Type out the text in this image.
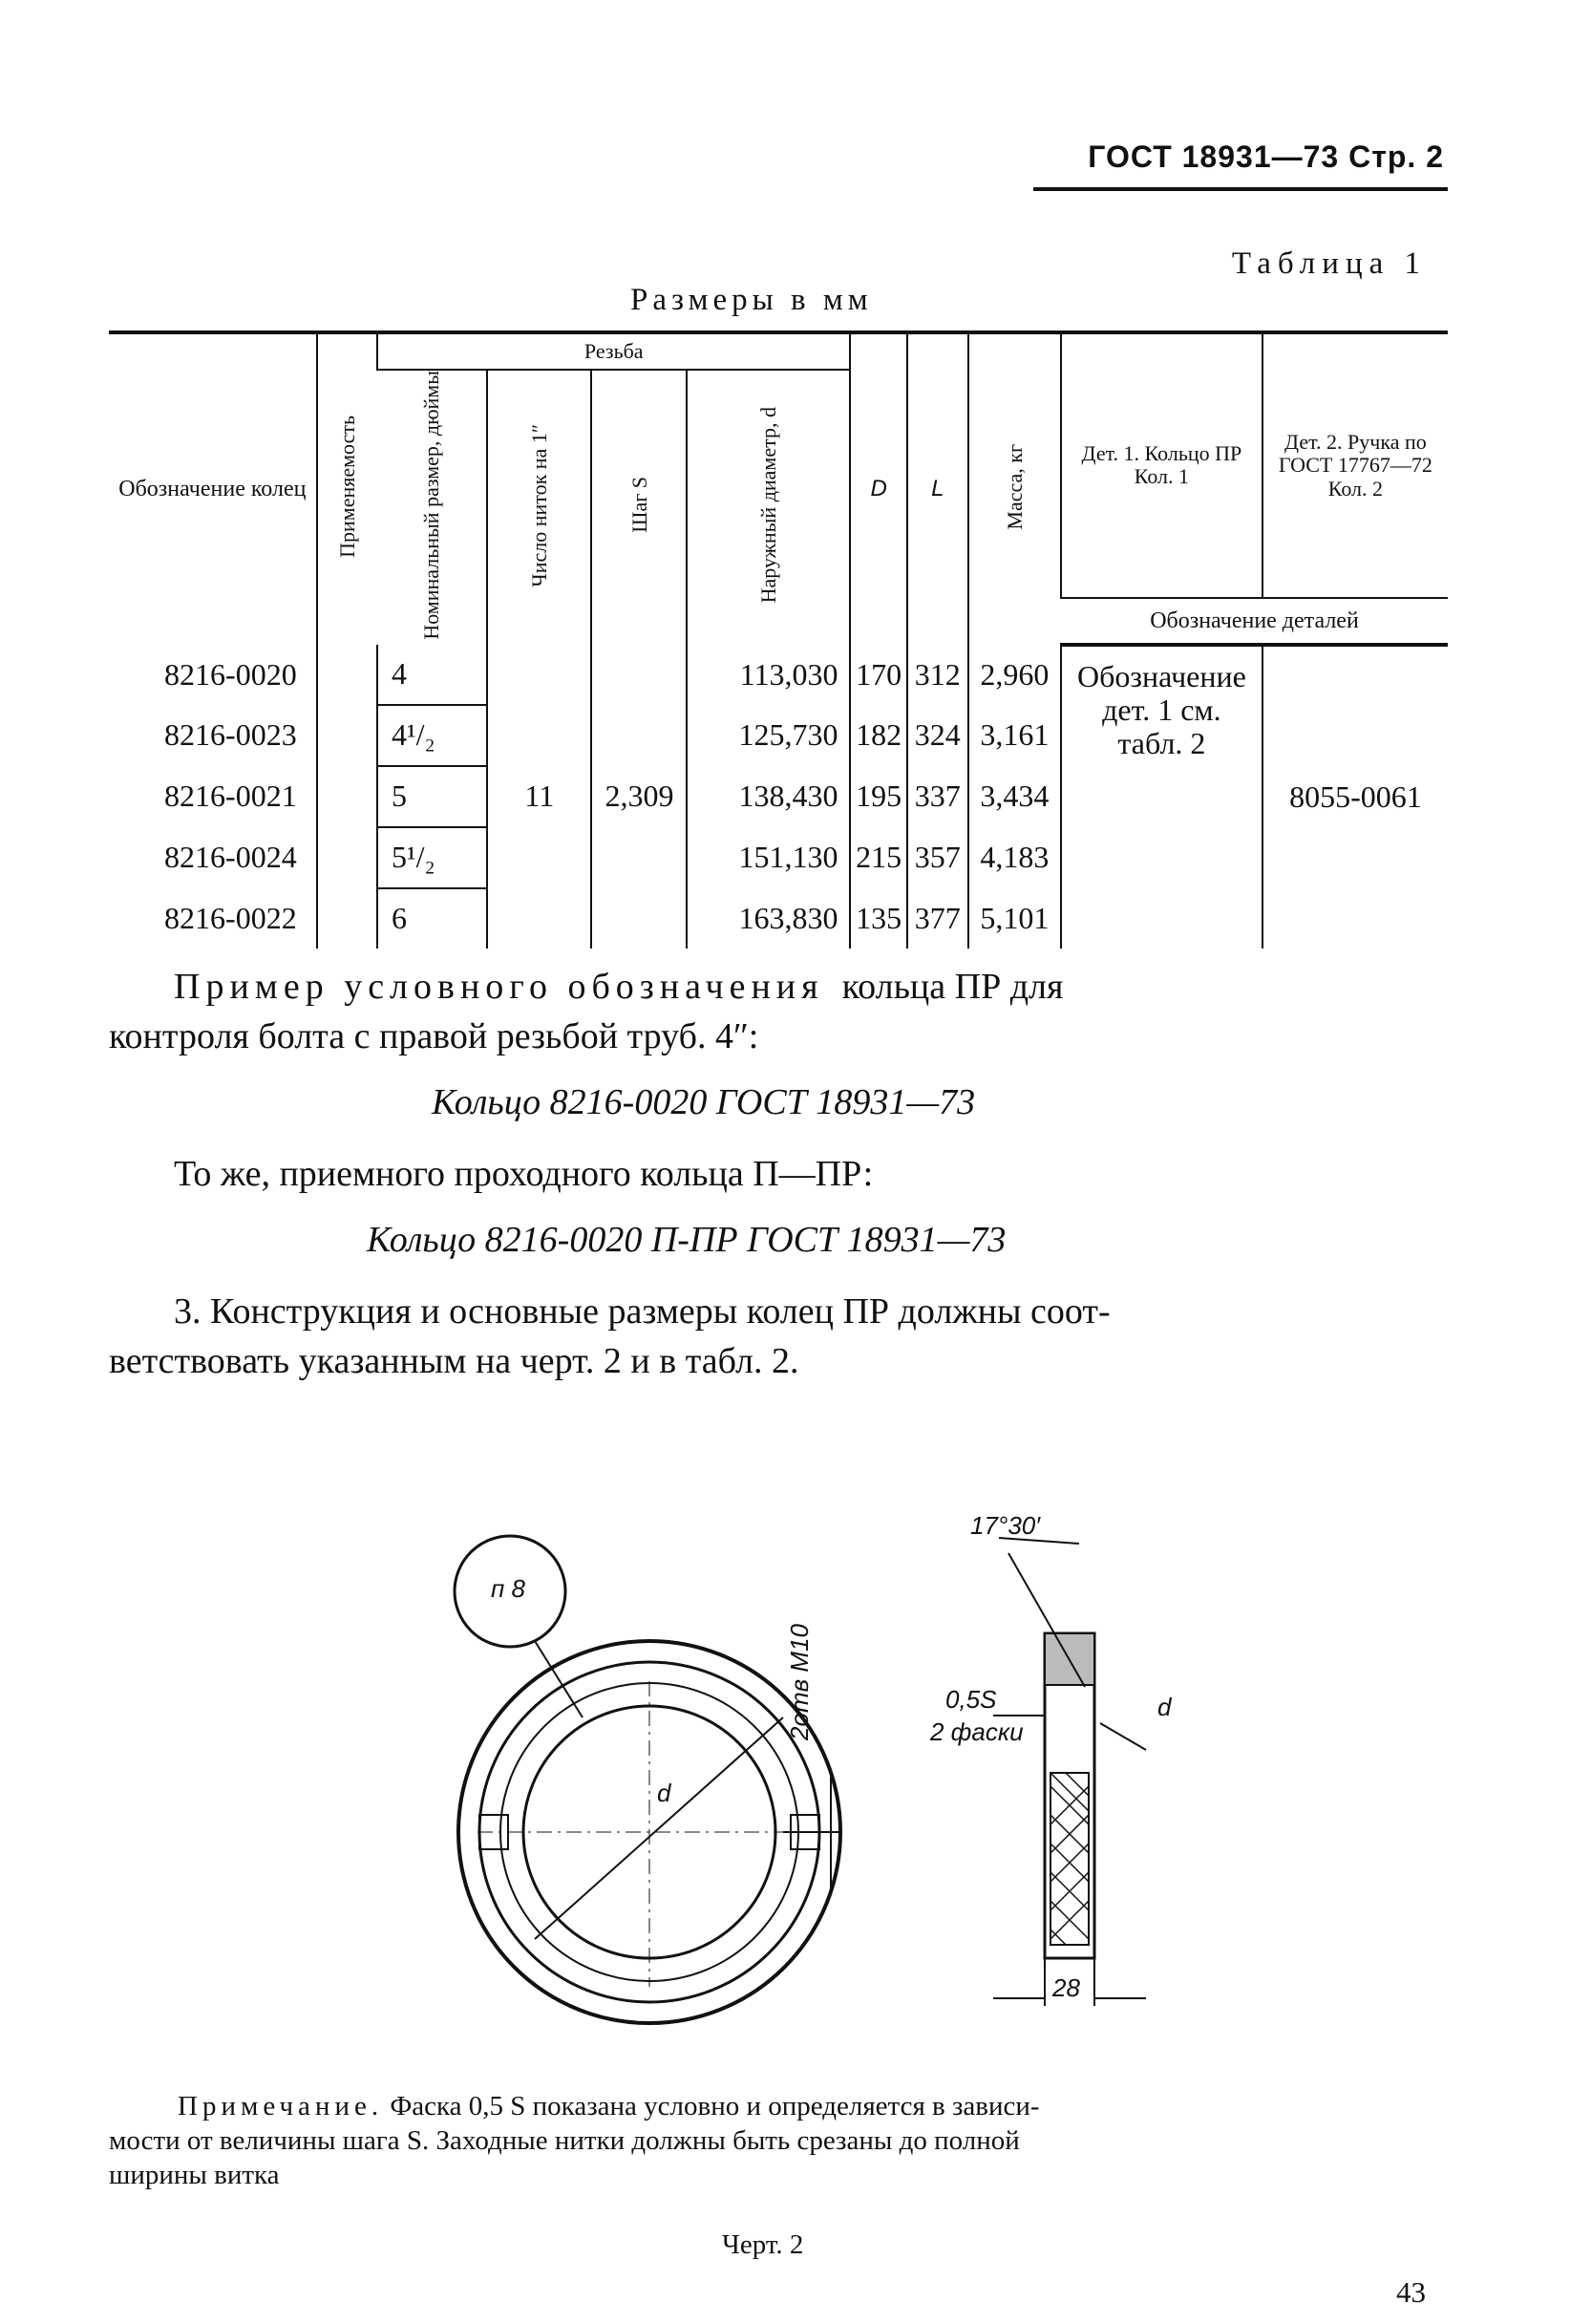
ГОСТ 18931—73 Стр. 2
Таблица 1
Размеры в мм
Обозначение колец	Применяемость	Резьба				D	L	Масса, кг	Дет. 1. Кольцо ПР Кол. 1	Дет. 2. Ручка по ГОСТ 17767—72 Кол. 2
		Номинальный размер, дюймы	Число ниток на 1″	Шаг S	Наружный диаметр, d					
									Обозначение деталей	
8216-0020		4	11	2,309	113,030	170	312	2,960	Обозначение дет. 1 см. табл. 2	8055-0061
8216-0023		4¹/₂			125,730	182	324	3,161		
8216-0021		5			138,430	195	337	3,434		
8216-0024		5¹/₂			151,130	215	357	4,183		
8216-0022		6			163,830	135	377	5,101		
Пример условного обозначения кольца ПР для
контроля болта с правой резьбой труб. 4″:
Кольцо 8216-0020 ГОСТ 18931—73
То же, приемного проходного кольца П—ПР:
Кольцо 8216-0020 П-ПР ГОСТ 18931—73
3. Конструкция и основные размеры колец ПР должны соот-
ветствовать указанным на черт. 2 и в табл. 2.
п 8
2отв М10
d
17°30′
0,5S
2 фаски
d
28
Примечание. Фаска 0,5 S показана условно и определяется в зависи-
мости от величины шага S. Заходные нитки должны быть срезаны до полной
ширины витка
Черт. 2
43
